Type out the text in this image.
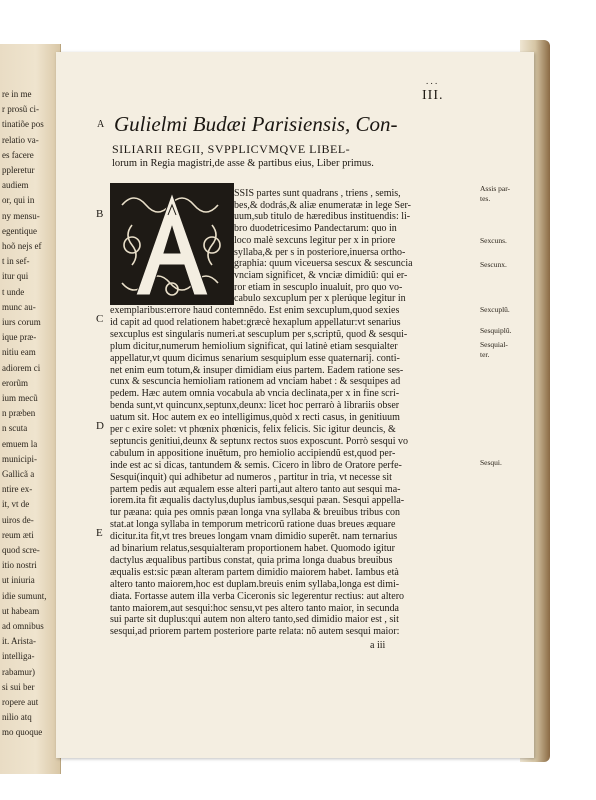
re in me
r prosũ ci-
tinatiõe pos
relatio va-
es facere
ppleretur
audiem
or, qui in
ny mensu-
egentique
hoõ nejs ef
t in sef-
itur qui
t unde
munc au-
iurs corum
ique præ-
nitiu eam
adiorem ci
erorũm
ium mecũ
n præben
n scuta
emuem la
municipi-
Gallicã a
ntire ex-
it, vt de
uiros de-
reum æti
quod scre-
itio nostri
ut iniuria
idie sumunt,
ut habeam
ad omnibus
it. Arista-
intelliga-
rabamur)
si sui ber
ropere aut
nilio atq
mo quoque
. . .
III.
A Gulielmi Budæi Parisiensis, Con-
SILIARII REGII, SVPPLICVMQVE LIBEL-
lorum in Regia magistri,de asse & partibus eius, Liber primus.
B
C
D
E
SSIS partes sunt quadrans , triens , semis,
bes,& dodrás,& aliæ enumeratæ in lege Ser-
uum,sub titulo de hæredibus instituendis: li-
bro duodetricesimo Pandectarum: quo in
loco malè sexcuns legitur per x in priore
syllaba,& per s in posteriore,inuersa ortho-
graphia: quum viceuersa sescux & sescuncia
vnciam significet, & vnciæ dimidiũ: qui er-
ror etiam in sescuplo inualuit, pro quo vo-
cabulo sexcuplum per x plerúque legitur in
exemplaribus:errore haud contemnẽdo. Est enim sexcuplum,quod sexies
id capit ad quod relationem habet:græcè hexaplum appellatur:vt senarius
sexcuplus est singularis numeri.at sescuplum per s,scriptũ, quod & sesqui-
plum dicitur,numerum hemiolium significat, qui latinè etiam sesquialter
appellatur,vt quum dicimus senarium sesquiplum esse quaternarij. conti-
net enim eum totum,& insuper dimidiam eius partem. Eadem ratione ses-
cunx & sescuncia hemioliam rationem ad vnciam habet : & sesquipes ad
pedem. Hæc autem omnia vocabula ab vncia declinata,per x in fine scri-
benda sunt,vt quincunx,septunx,deunx: licet hoc perrarò à librariis obser
uatum sit. Hoc autem ex eo intelligimus,quòd x recti casus, in genitiuum
per c exire solet: vt phœnix phœnicis, felix felicis. Sic igitur deuncis, &
septuncis genitiui,deunx & septunx rectos suos exposcunt. Porrò sesqui vo
cabulum in appositione inuẽtum, pro hemiolio accipiendũ est,quod per-
inde est ac si dicas, tantundem & semis. Cicero in libro de Oratore perfe-
Sesqui(inquit) qui adhibetur ad numeros , partitur in tria, vt necesse sit
partem pedis aut æqualem esse alteri parti,aut altero tanto aut sesqui ma-
iorem.ita fit æqualis dactylus,duplus iambus,sesqui pæan. Sesqui appella-
tur pæana: quia pes omnis pæan longa vna syllaba & breuibus tribus con
stat.at longa syllaba in temporum metricorũ ratione duas breues æquare
dicitur.ita fit,vt tres breues longam vnam dimidio superẽt. nam ternarius
ad binarium relatus,sesquialteram proportionem habet. Quomodo igitur
dactylus æqualibus partibus constat, quia prima longa duabus breuibus
æqualis est:sic pæan alteram partem dimidio maiorem habet. Iambus età
altero tanto maiorem,hoc est duplam.breuis enim syllaba,longa est dimi-
diata. Fortasse autem illa verba Ciceronis sic legerentur rectius: aut altero
tanto maiorem,aut sesqui:hoc sensu,vt pes altero tanto maior, in secunda
sui parte sit duplus:qui autem non altero tanto,sed dimidio maior est , sit
sesqui,ad priorem partem posteriore parte relata: nõ autem sesqui maior:
Assis par-
tes.
Sexcuns.
Sescunx.
Sexcuplũ.
Sesquiplũ.
Sesquial-
ter.
Sesqui.
a iii
